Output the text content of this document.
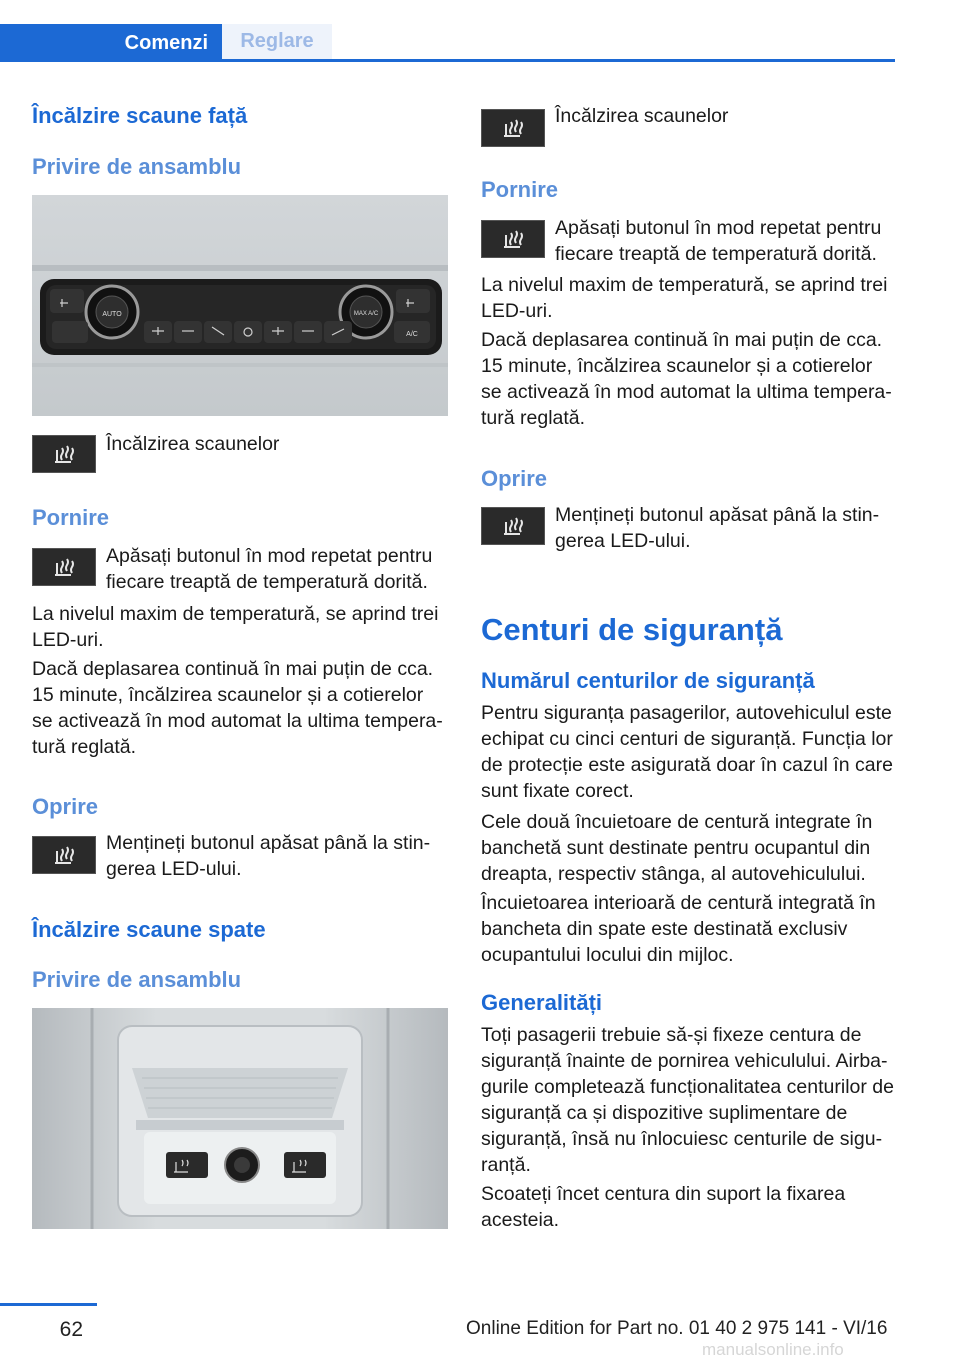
Comenzi	Reglare
Încălzire scaune față
Privire de ansamblu
AUTO	MAX A/C
A/C
Încălzirea scaunelor
Pornire
Apăsați butonul în mod repetat pentru fiecare treaptă de temperatură dorită.
La nivelul maxim de temperatură, se aprind trei LED-uri.
Dacă deplasarea continuă în mai puțin de cca. 15 minute, încălzirea scaunelor și a cotierelor se activează în mod automat la ultima tempera-tură reglată.
Oprire
Mențineți butonul apăsat până la stin-gerea LED-ului.
Încălzire scaune spate
Privire de ansamblu
Încălzirea scaunelor
Pornire
Apăsați butonul în mod repetat pentru fiecare treaptă de temperatură dorită.
La nivelul maxim de temperatură, se aprind trei LED-uri.
Dacă deplasarea continuă în mai puțin de cca. 15 minute, încălzirea scaunelor și a cotierelor se activează în mod automat la ultima tempera-tură reglată.
Oprire
Mențineți butonul apăsat până la stin-gerea LED-ului.
Centuri de siguranță
Numărul centurilor de siguranță
Pentru siguranța pasagerilor, autovehiculul este echipat cu cinci centuri de siguranță. Funcția lor de protecție este asigurată doar în cazul în care sunt fixate corect.
Cele două încuietoare de centură integrate în banchetă sunt destinate pentru ocupantul din dreapta, respectiv stânga, al autovehiculului.
Încuietoarea interioară de centură integrată în bancheta din spate este destinată exclusiv ocupantului locului din mijloc.
Generalități
Toți pasagerii trebuie să-și fixeze centura de siguranță înainte de pornirea vehiculului. Airba-gurile completează funcționalitatea centurilor de siguranță ca și dispozitive suplimentare de siguranță, însă nu înlocuiesc centurile de sigu-ranță.
Scoateți încet centura din suport la fixarea acesteia.
62	Online Edition for Part no. 01 40 2 975 141 - VI/16
manualsonline.info
